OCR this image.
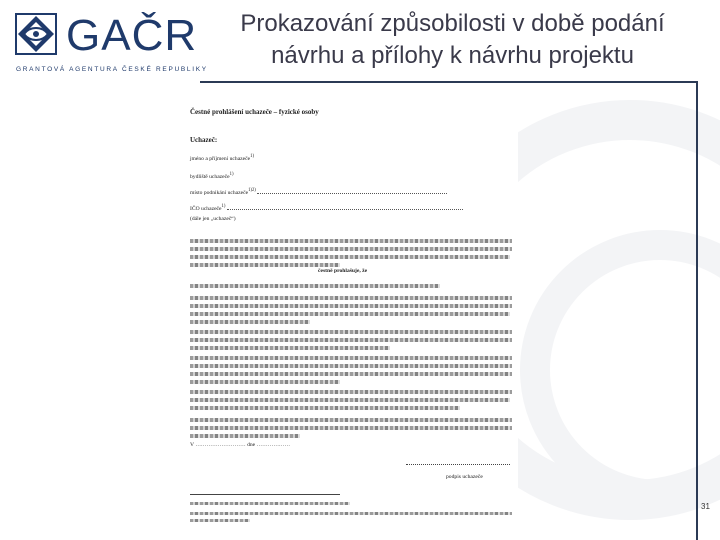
GAČR
GRANTOVÁ AGENTURA ČESKÉ REPUBLIKY
Prokazování způsobilosti v době podání
návrhu a přílohy k návrhu projektu
Čestné prohlášení uchazeče – fyzické osoby
Uchazeč:
jméno a příjmení uchazeče$^{1)}$
bydliště uchazeče$^{1)}$
místo podnikání uchazeče$^{1)2)}$
IČO uchazeče$^{1)}$
(dále jen „uchazeč“)
čestně prohlašuje, že
V ……………………… dne ………………
podpis uchazeče
31
